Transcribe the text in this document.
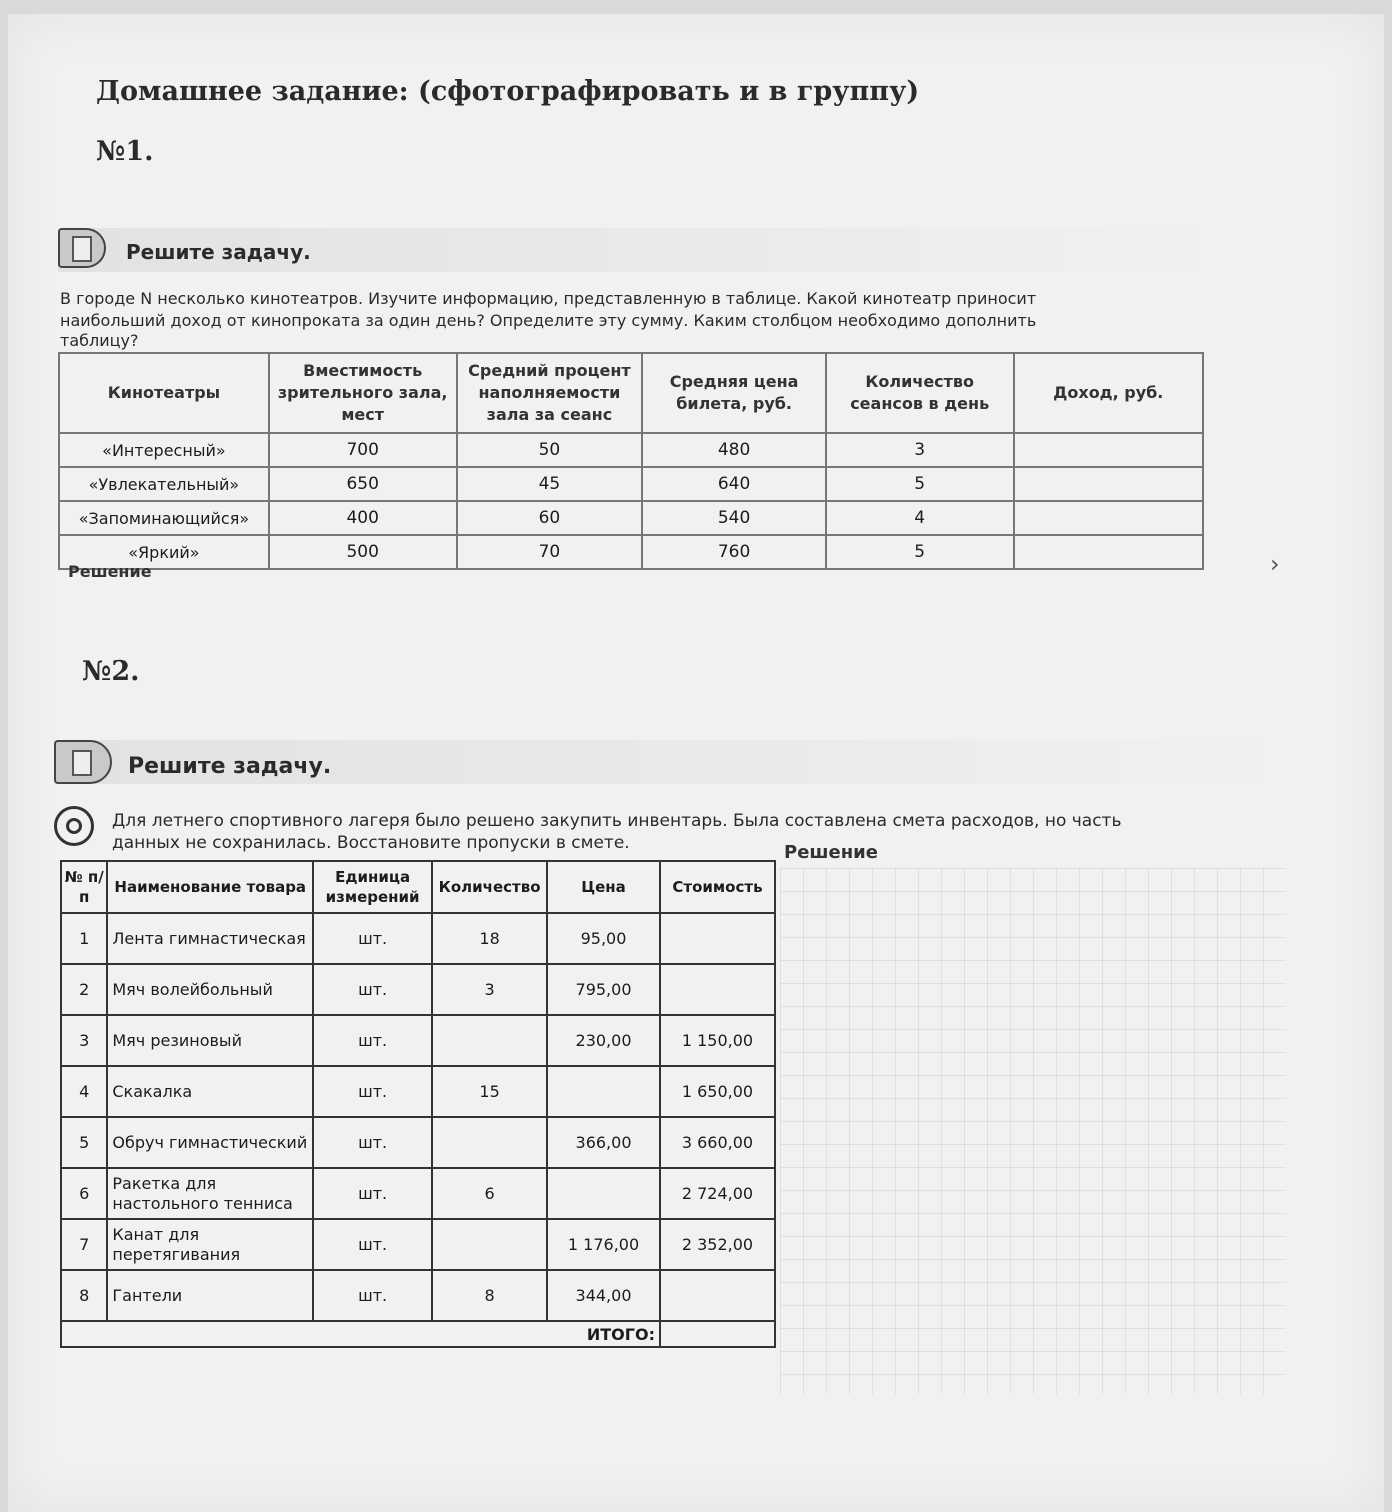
Домашнее задание: (сфотографировать и в группу)
№1.
Решите задачу.
В городе N несколько кинотеатров. Изучите информацию, представленную в таблице. Какой кинотеатр приносит
наибольший доход от кинопроката за один день? Определите эту сумму. Каким столбцом необходимо дополнить
таблицу?
Кинотеатры	Вместимость зрительного зала, мест	Средний процент наполняемости зала за сеанс	Средняя цена билета, руб.	Количество сеансов в день	Доход, руб.
«Интересный»	700	50	480	3	
«Увлекательный»	650	45	640	5	
«Запоминающийся»	400	60	540	4	
«Яркий»	500	70	760	5	
Решение	›
№2.
Решите задачу.
Для летнего спортивного лагеря было решено закупить инвентарь. Была составлена смета расходов, но часть
данных не сохранилась. Восстановите пропуски в смете.	Решение
№ п/п	Наименование товара	Единица измерений	Количество	Цена	Стоимость
1	Лента гимнастическая	шт.	18	95,00	
2	Мяч волейбольный	шт.	3	795,00	
3	Мяч резиновый	шт.		230,00	1 150,00
4	Скакалка	шт.	15		1 650,00
5	Обруч гимнастический	шт.		366,00	3 660,00
6	Ракетка для настольного тенниса	шт.	6		2 724,00
7	Канат для перетягивания	шт.		1 176,00	2 352,00
8	Гантели	шт.	8	344,00	
ИТОГО:					
